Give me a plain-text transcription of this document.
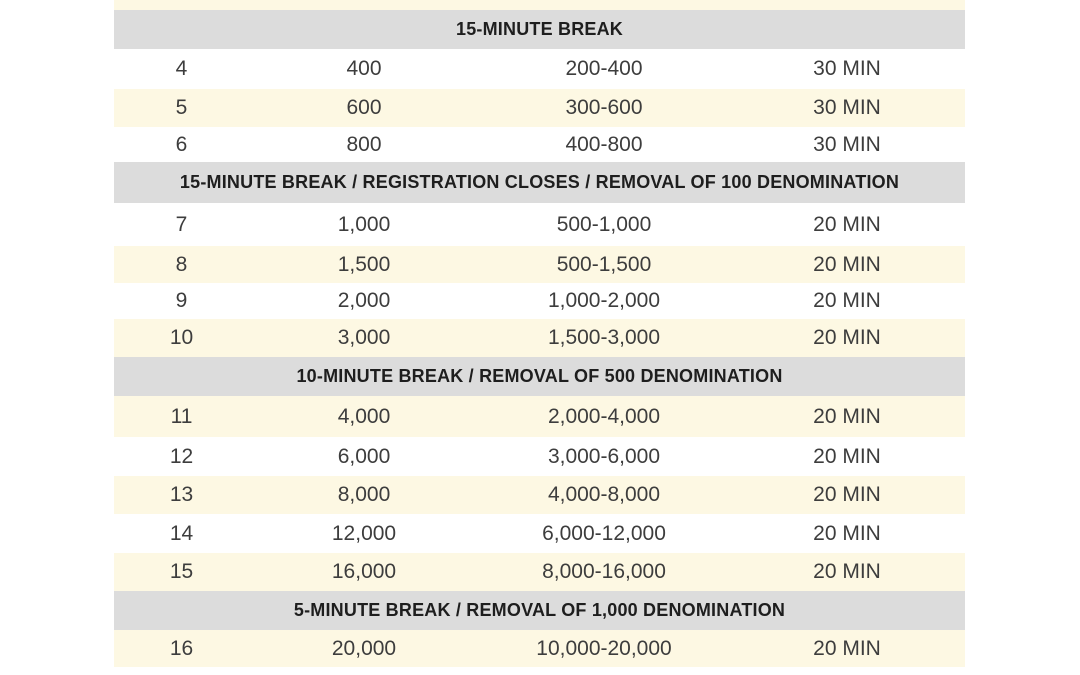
15-MINUTE BREAK
4	400	200-400	30 MIN
5	600	300-600	30 MIN
6	800	400-800	30 MIN
15-MINUTE BREAK / REGISTRATION CLOSES / REMOVAL OF 100 DENOMINATION
7	1,000	500-1,000	20 MIN
8	1,500	500-1,500	20 MIN
9	2,000	1,000-2,000	20 MIN
10	3,000	1,500-3,000	20 MIN
10-MINUTE BREAK / REMOVAL OF 500 DENOMINATION
11	4,000	2,000-4,000	20 MIN
12	6,000	3,000-6,000	20 MIN
13	8,000	4,000-8,000	20 MIN
14	12,000	6,000-12,000	20 MIN
15	16,000	8,000-16,000	20 MIN
5-MINUTE BREAK / REMOVAL OF 1,000 DENOMINATION
16	20,000	10,000-20,000	20 MIN
